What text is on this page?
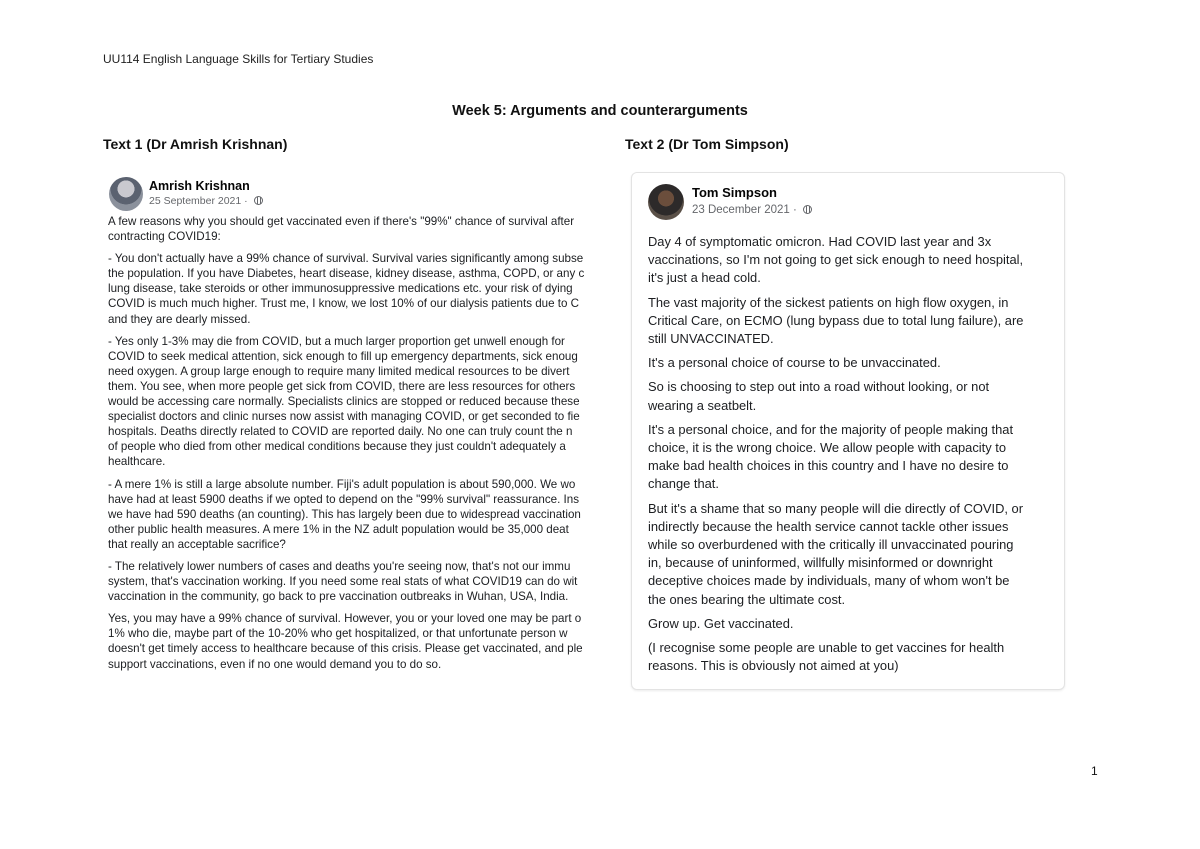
UU114 English Language Skills for Tertiary Studies
Week 5: Arguments and counterarguments
Text 1 (Dr Amrish Krishnan)	Text 2 (Dr Tom Simpson)
Amrish Krishnan
25 September 2021 ·

A few reasons why you should get vaccinated even if there's "99%" chance of survival after
contracting COVID19:

- You don't actually have a 99% chance of survival. Survival varies significantly among subse
the population. If you have Diabetes, heart disease, kidney disease, asthma, COPD, or any c
lung disease, take steroids or other immunosuppressive medications etc. your risk of dying
COVID is much much higher. Trust me, I know, we lost 10% of our dialysis patients due to C
and they are dearly missed.

- Yes only 1-3% may die from COVID, but a much larger proportion get unwell enough for
COVID to seek medical attention, sick enough to fill up emergency departments, sick enoug
need oxygen. A group large enough to require many limited medical resources to be divert
them. You see, when more people get sick from COVID, there are less resources for others
would be accessing care normally. Specialists clinics are stopped or reduced because these
specialist doctors and clinic nurses now assist with managing COVID, or get seconded to fie
hospitals. Deaths directly related to COVID are reported daily. No one can truly count the n
of people who died from other medical conditions because they just couldn't adequately a
healthcare.

- A mere 1% is still a large absolute number. Fiji's adult population is about 590,000. We wo
have had at least 5900 deaths if we opted to depend on the "99% survival" reassurance. Ins
we have had 590 deaths (an counting). This has largely been due to widespread vaccination
other public health measures. A mere 1% in the NZ adult population would be 35,000 deat
that really an acceptable sacrifice?

- The relatively lower numbers of cases and deaths you're seeing now, that's not our immu
system, that's vaccination working. If you need some real stats of what COVID19 can do wit
vaccination in the community, go back to pre vaccination outbreaks in Wuhan, USA, India.

Yes, you may have a 99% chance of survival. However, you or your loved one may be part o
1% who die, maybe part of the 10-20% who get hospitalized, or that unfortunate person w
doesn't get timely access to healthcare because of this crisis. Please get vaccinated, and ple
support vaccinations, even if no one would demand you to do so.

Tom Simpson
23 December 2021 ·

Day 4 of symptomatic omicron. Had COVID last year and 3x
vaccinations, so I'm not going to get sick enough to need hospital,
it's just a head cold.

The vast majority of the sickest patients on high flow oxygen, in
Critical Care, on ECMO (lung bypass due to total lung failure), are
still UNVACCINATED.

It's a personal choice of course to be unvaccinated.

So is choosing to step out into a road without looking, or not
wearing a seatbelt.

It's a personal choice, and for the majority of people making that
choice, it is the wrong choice. We allow people with capacity to
make bad health choices in this country and I have no desire to
change that.

But it's a shame that so many people will die directly of COVID, or
indirectly because the health service cannot tackle other issues
while so overburdened with the critically ill unvaccinated pouring
in, because of uninformed, willfully misinformed or downright
deceptive choices made by individuals, many of whom won't be
the ones bearing the ultimate cost.

Grow up. Get vaccinated.

(I recognise some people are unable to get vaccines for health
reasons. This is obviously not aimed at you)

1
